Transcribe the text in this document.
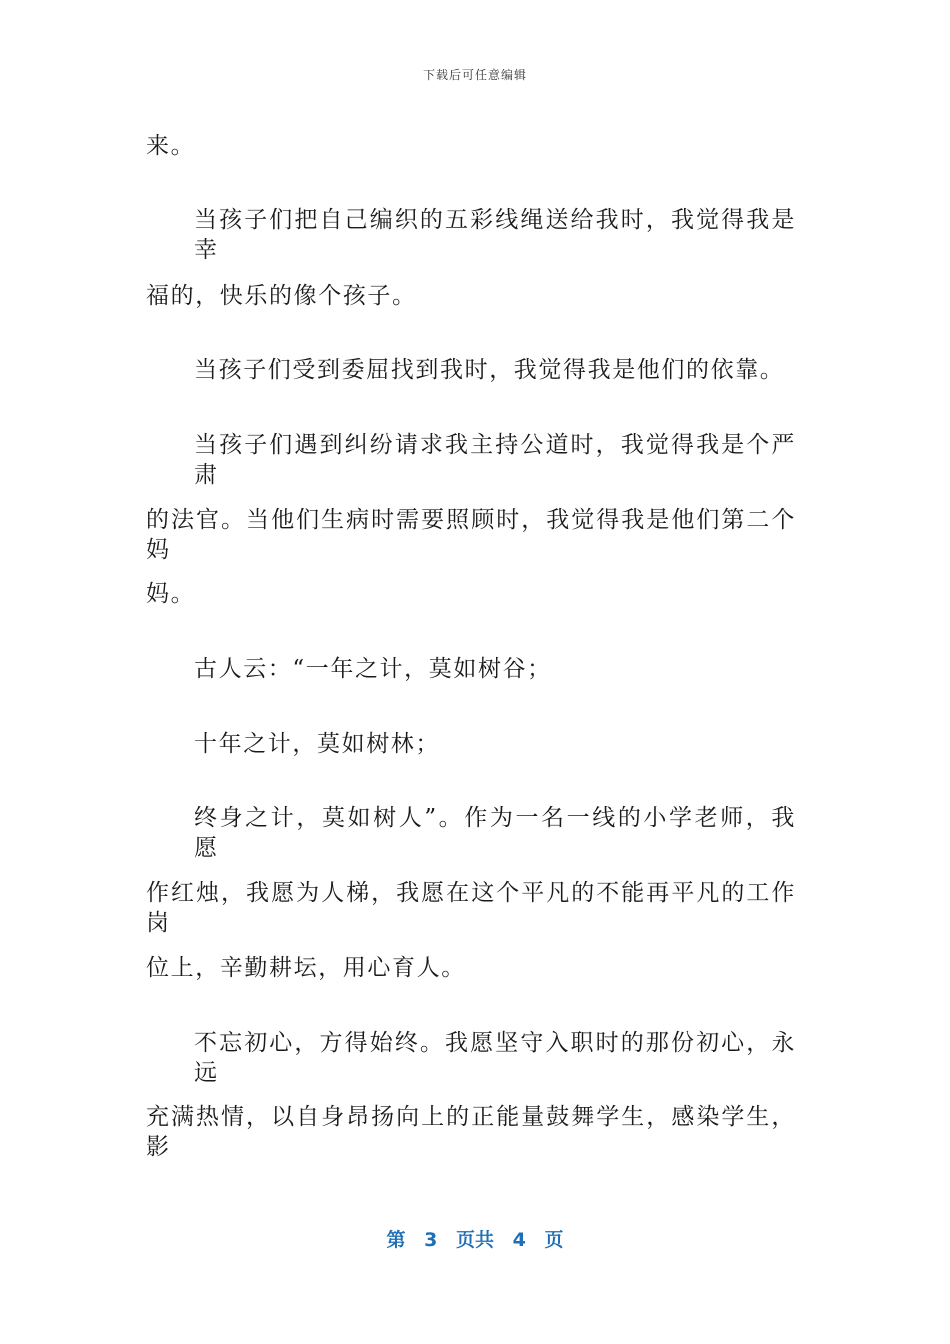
下载后可任意编辑
来。
当孩子们把自己编织的五彩线绳送给我时，我觉得我是幸
福的，快乐的像个孩子。
当孩子们受到委屈找到我时，我觉得我是他们的依靠。
当孩子们遇到纠纷请求我主持公道时，我觉得我是个严肃
的法官。当他们生病时需要照顾时，我觉得我是他们第二个妈
妈。
古人云：“一年之计，莫如树谷；
十年之计，莫如树林；
终身之计，莫如树人”。作为一名一线的小学老师，我愿
作红烛，我愿为人梯，我愿在这个平凡的不能再平凡的工作岗
位上，辛勤耕坛，用心育人。
不忘初心，方得始终。我愿坚守入职时的那份初心，永远
充满热情，以自身昂扬向上的正能量鼓舞学生，感染学生，影
第 3 页共 4 页
